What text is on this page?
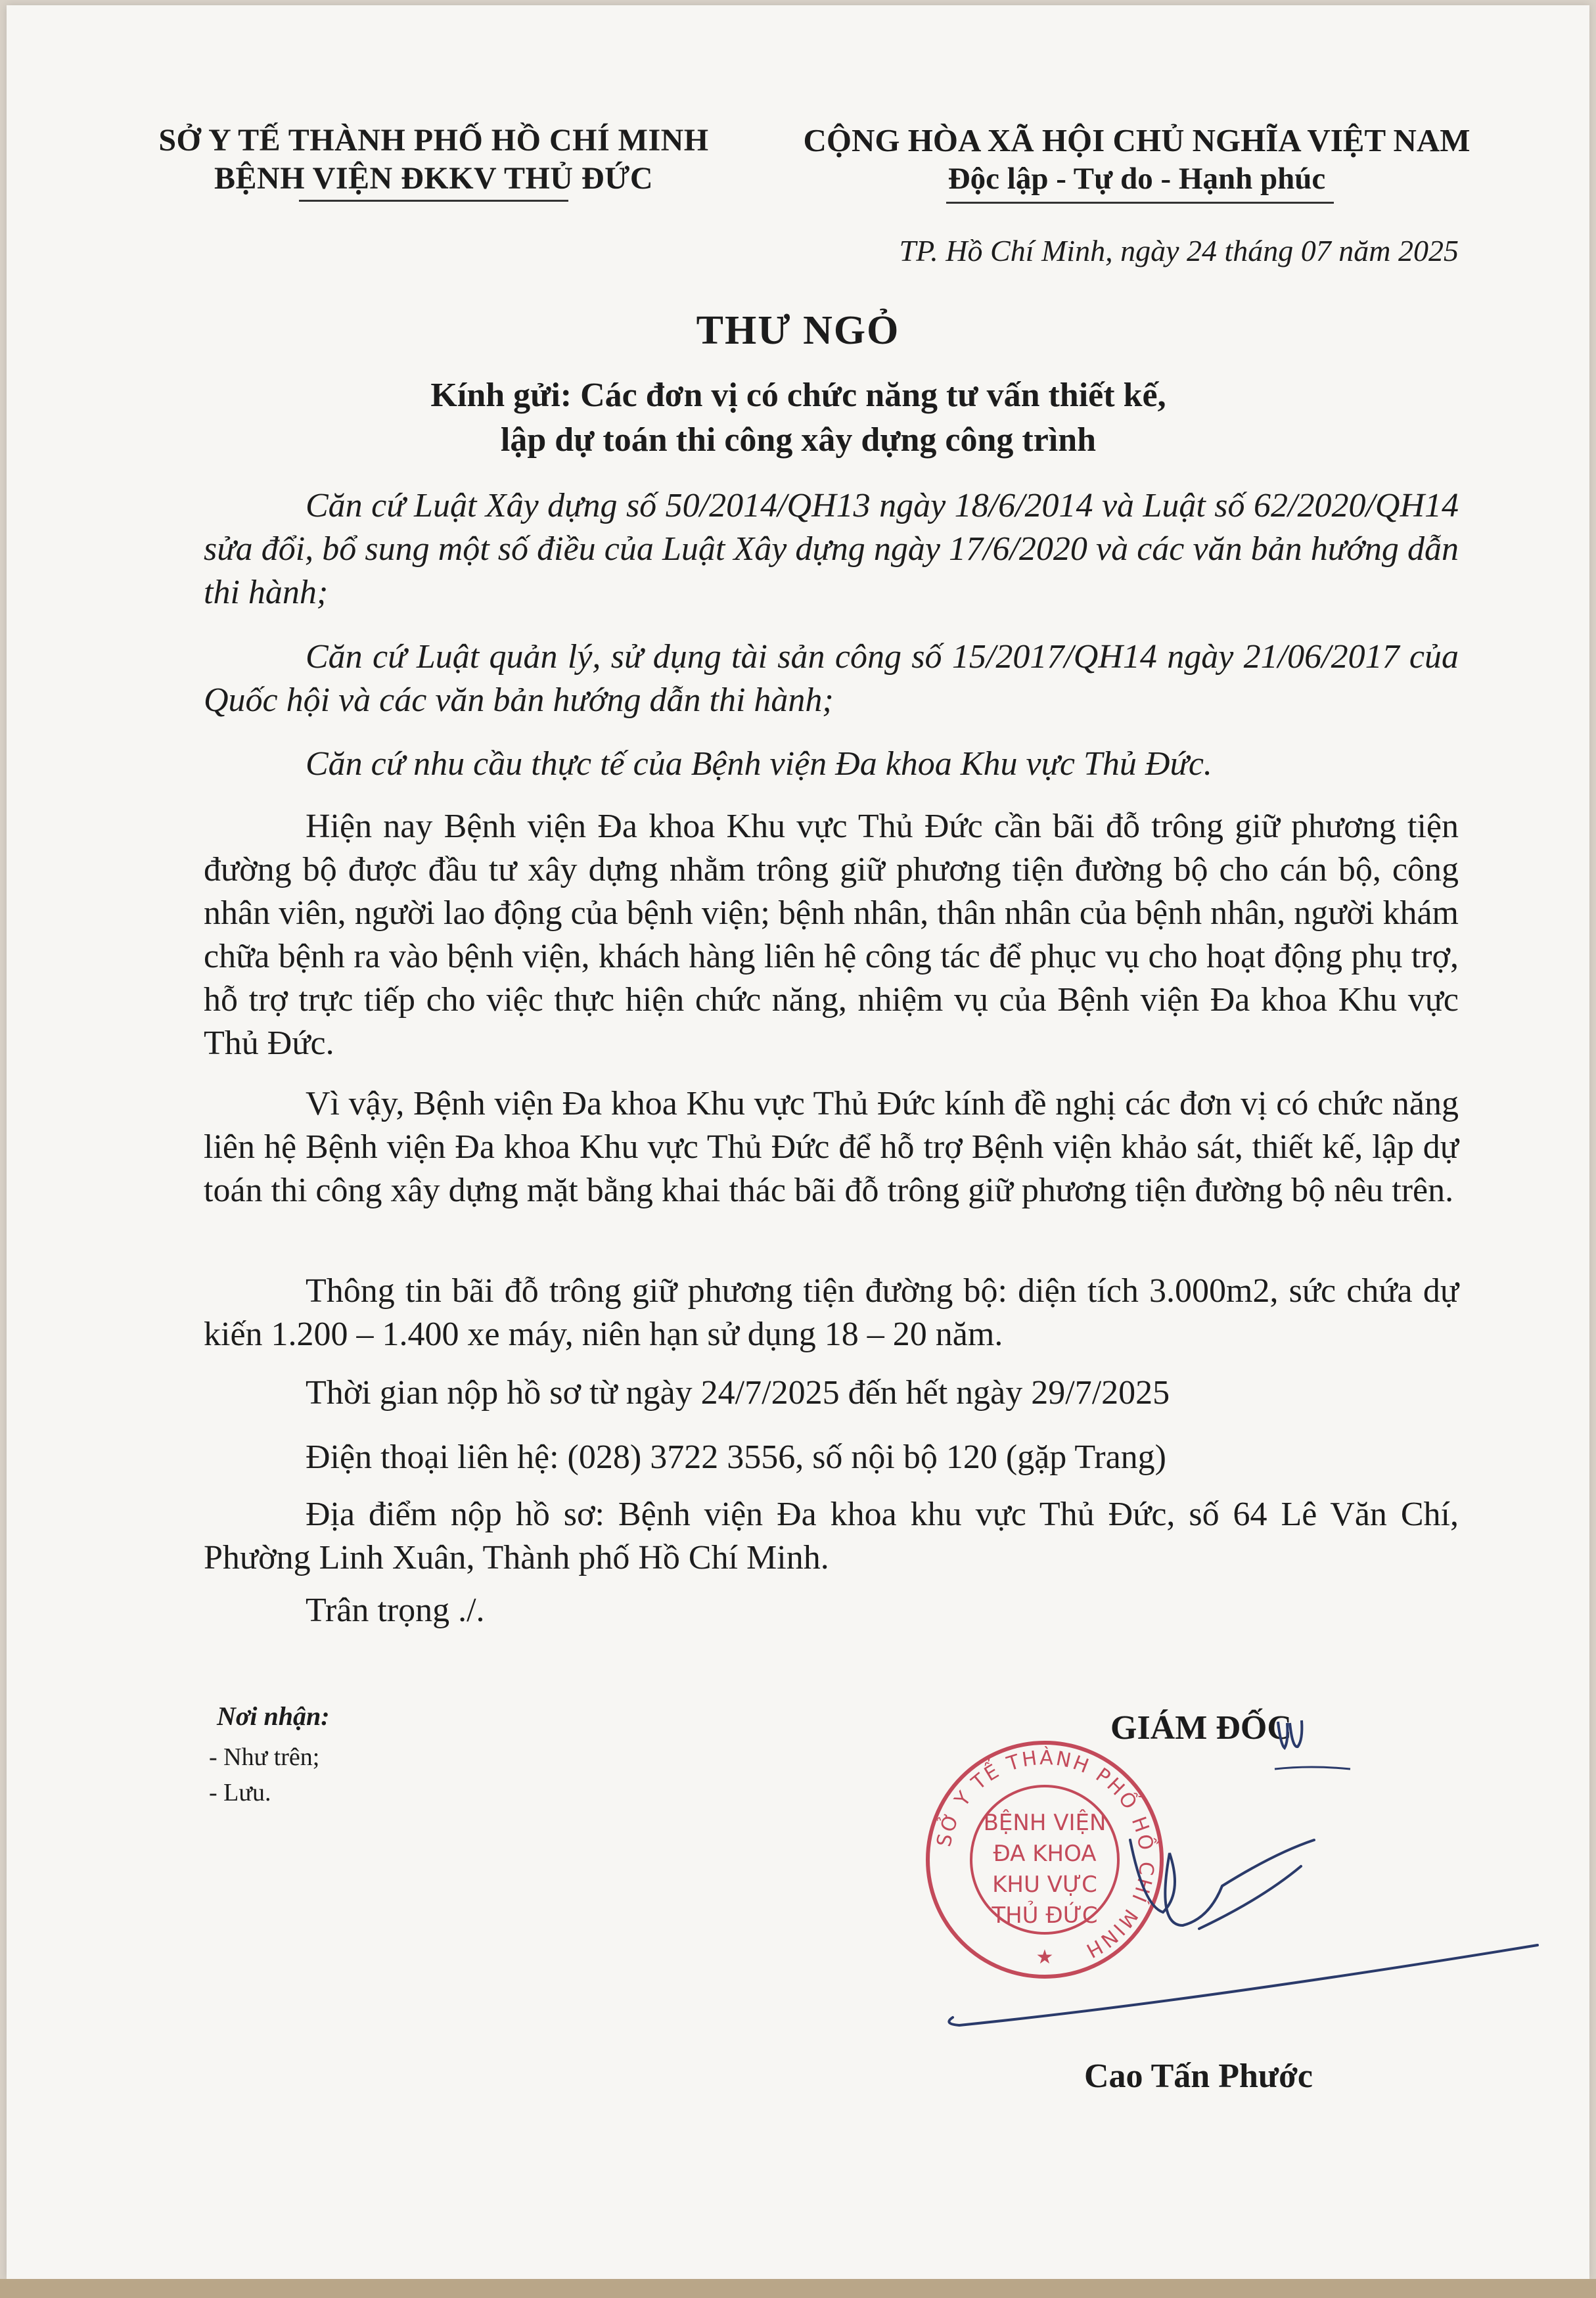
SỞ Y TẾ THÀNH PHỐ HỒ CHÍ MINH
BỆNH VIỆN ĐKKV THỦ ĐỨC
CỘNG HÒA XÃ HỘI CHỦ NGHĨA VIỆT NAM
Độc lập - Tự do - Hạnh phúc
TP. Hồ Chí Minh, ngày 24 tháng 07 năm 2025
THƯ NGỎ
Kính gửi: Các đơn vị có chức năng tư vấn thiết kế,
lập dự toán thi công xây dựng công trình
Căn cứ Luật Xây dựng số 50/2014/QH13 ngày 18/6/2014 và Luật số 62/2020/QH14 sửa đổi, bổ sung một số điều của Luật Xây dựng ngày 17/6/2020 và các văn bản hướng dẫn thi hành;
Căn cứ Luật quản lý, sử dụng tài sản công số 15/2017/QH14 ngày 21/06/2017 của Quốc hội và các văn bản hướng dẫn thi hành;
Căn cứ nhu cầu thực tế của Bệnh viện Đa khoa Khu vực Thủ Đức.
Hiện nay Bệnh viện Đa khoa Khu vực Thủ Đức cần bãi đỗ trông giữ phương tiện đường bộ được đầu tư xây dựng nhằm trông giữ phương tiện đường bộ cho cán bộ, công nhân viên, người lao động của bệnh viện; bệnh nhân, thân nhân của bệnh nhân, người khám chữa bệnh ra vào bệnh viện, khách hàng liên hệ công tác để phục vụ cho hoạt động phụ trợ, hỗ trợ trực tiếp cho việc thực hiện chức năng, nhiệm vụ của Bệnh viện Đa khoa Khu vực Thủ Đức.
Vì vậy, Bệnh viện Đa khoa Khu vực Thủ Đức kính đề nghị các đơn vị có chức năng liên hệ Bệnh viện Đa khoa Khu vực Thủ Đức để hỗ trợ Bệnh viện khảo sát, thiết kế, lập dự toán thi công xây dựng mặt bằng khai thác bãi đỗ trông giữ phương tiện đường bộ nêu trên.
Thông tin bãi đỗ trông giữ phương tiện đường bộ: diện tích 3.000m2, sức chứa dự kiến 1.200 – 1.400 xe máy, niên hạn sử dụng 18 – 20 năm.
Thời gian nộp hồ sơ từ ngày 24/7/2025 đến hết ngày 29/7/2025
Điện thoại liên hệ: (028) 3722 3556, số nội bộ 120 (gặp Trang)
Địa điểm nộp hồ sơ: Bệnh viện Đa khoa khu vực Thủ Đức, số 64 Lê Văn Chí, Phường Linh Xuân, Thành phố Hồ Chí Minh.
Trân trọng ./.
Nơi nhận:
- Như trên;
- Lưu.
GIÁM ĐỐC
SỞ Y TẾ THÀNH PHỐ HỒ CHÍ MINH
BỆNH VIỆN
ĐA KHOA
KHU VỰC
THỦ ĐỨC
★
Cao Tấn Phước
